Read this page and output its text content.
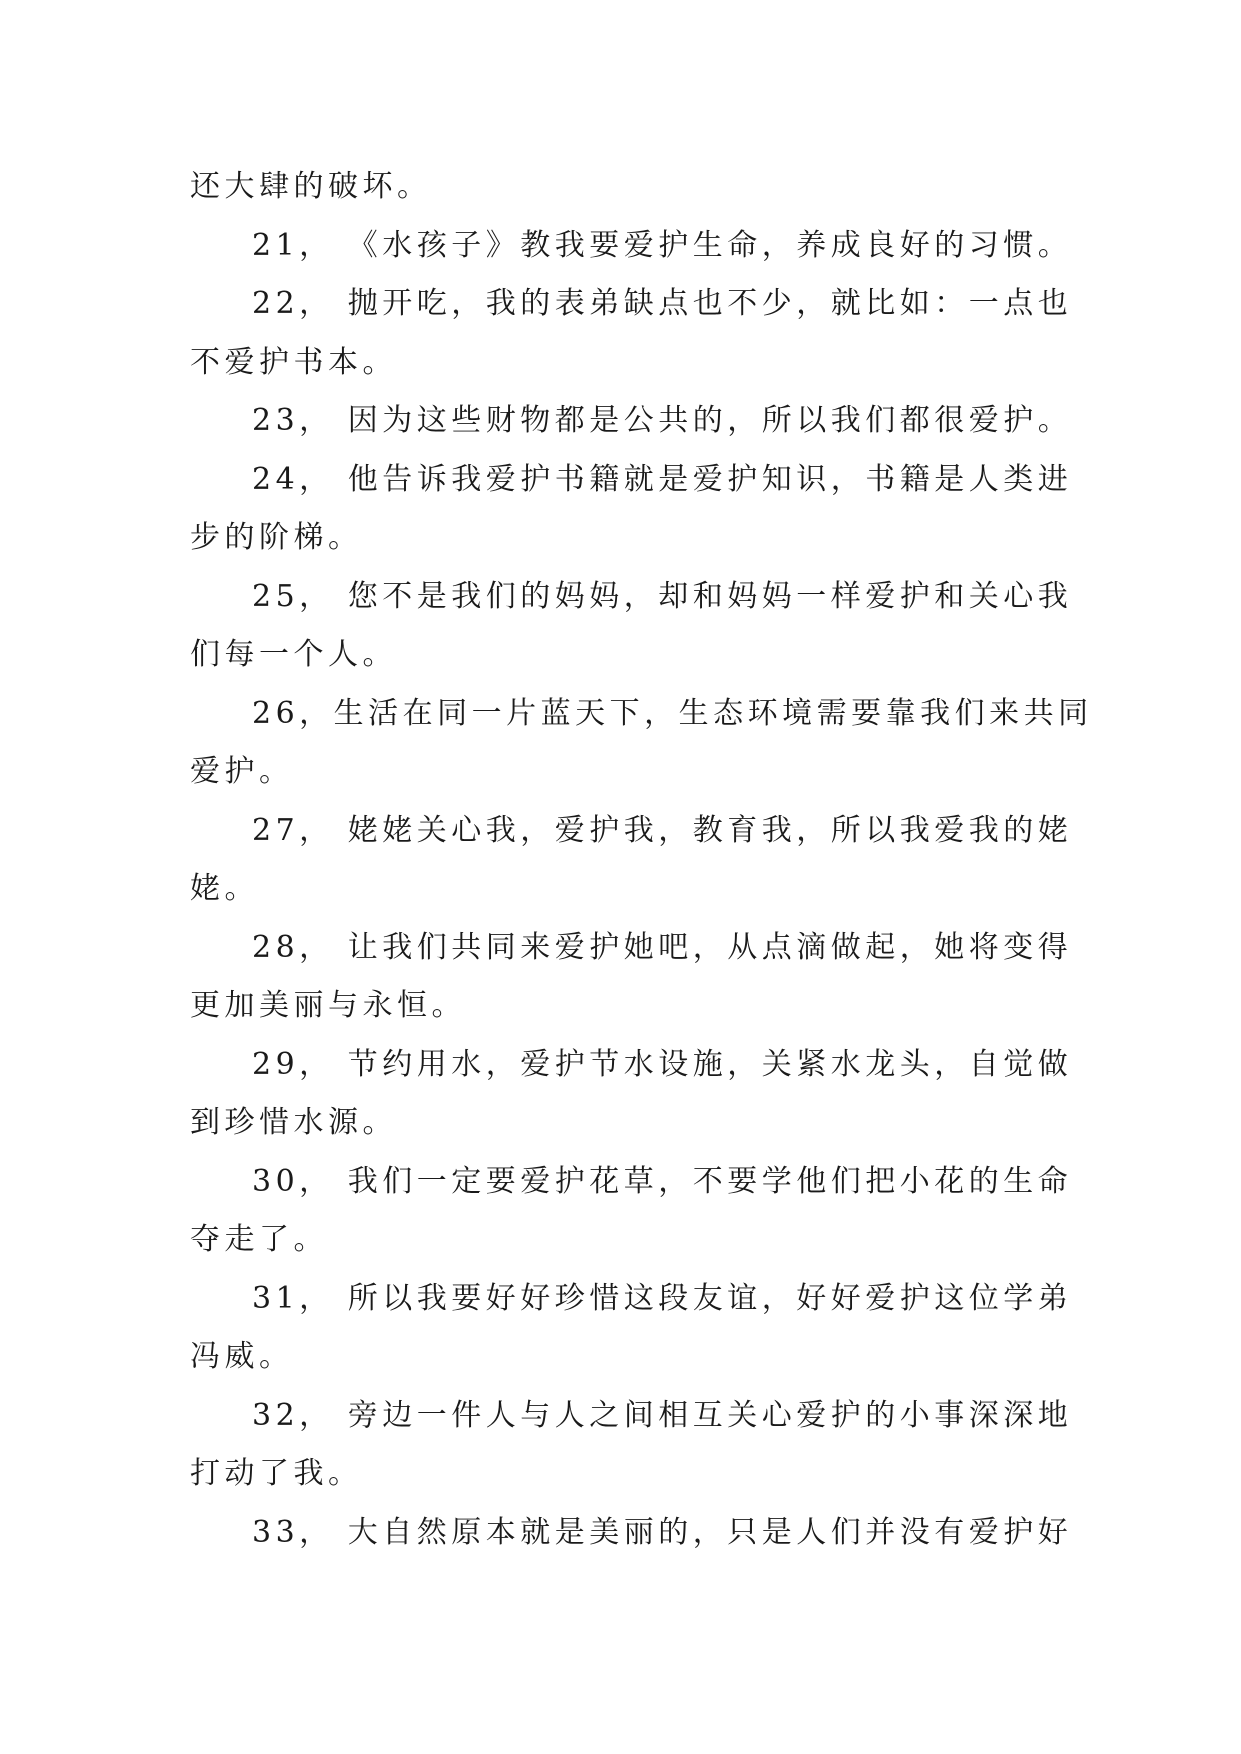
还大肆的破坏。
21， 《水孩子》教我要爱护生命，养成良好的习惯。
22， 抛开吃，我的表弟缺点也不少，就比如：一点也
不爱护书本。
23， 因为这些财物都是公共的，所以我们都很爱护。
24， 他告诉我爱护书籍就是爱护知识，书籍是人类进
步的阶梯。
25， 您不是我们的妈妈，却和妈妈一样爱护和关心我
们每一个人。
26，生活在同一片蓝天下，生态环境需要靠我们来共同
爱护。
27， 姥姥关心我，爱护我，教育我，所以我爱我的姥
姥。
28， 让我们共同来爱护她吧，从点滴做起，她将变得
更加美丽与永恒。
29， 节约用水，爱护节水设施，关紧水龙头，自觉做
到珍惜水源。
30， 我们一定要爱护花草，不要学他们把小花的生命
夺走了。
31， 所以我要好好珍惜这段友谊，好好爱护这位学弟
冯威。
32， 旁边一件人与人之间相互关心爱护的小事深深地
打动了我。
33， 大自然原本就是美丽的，只是人们并没有爱护好
